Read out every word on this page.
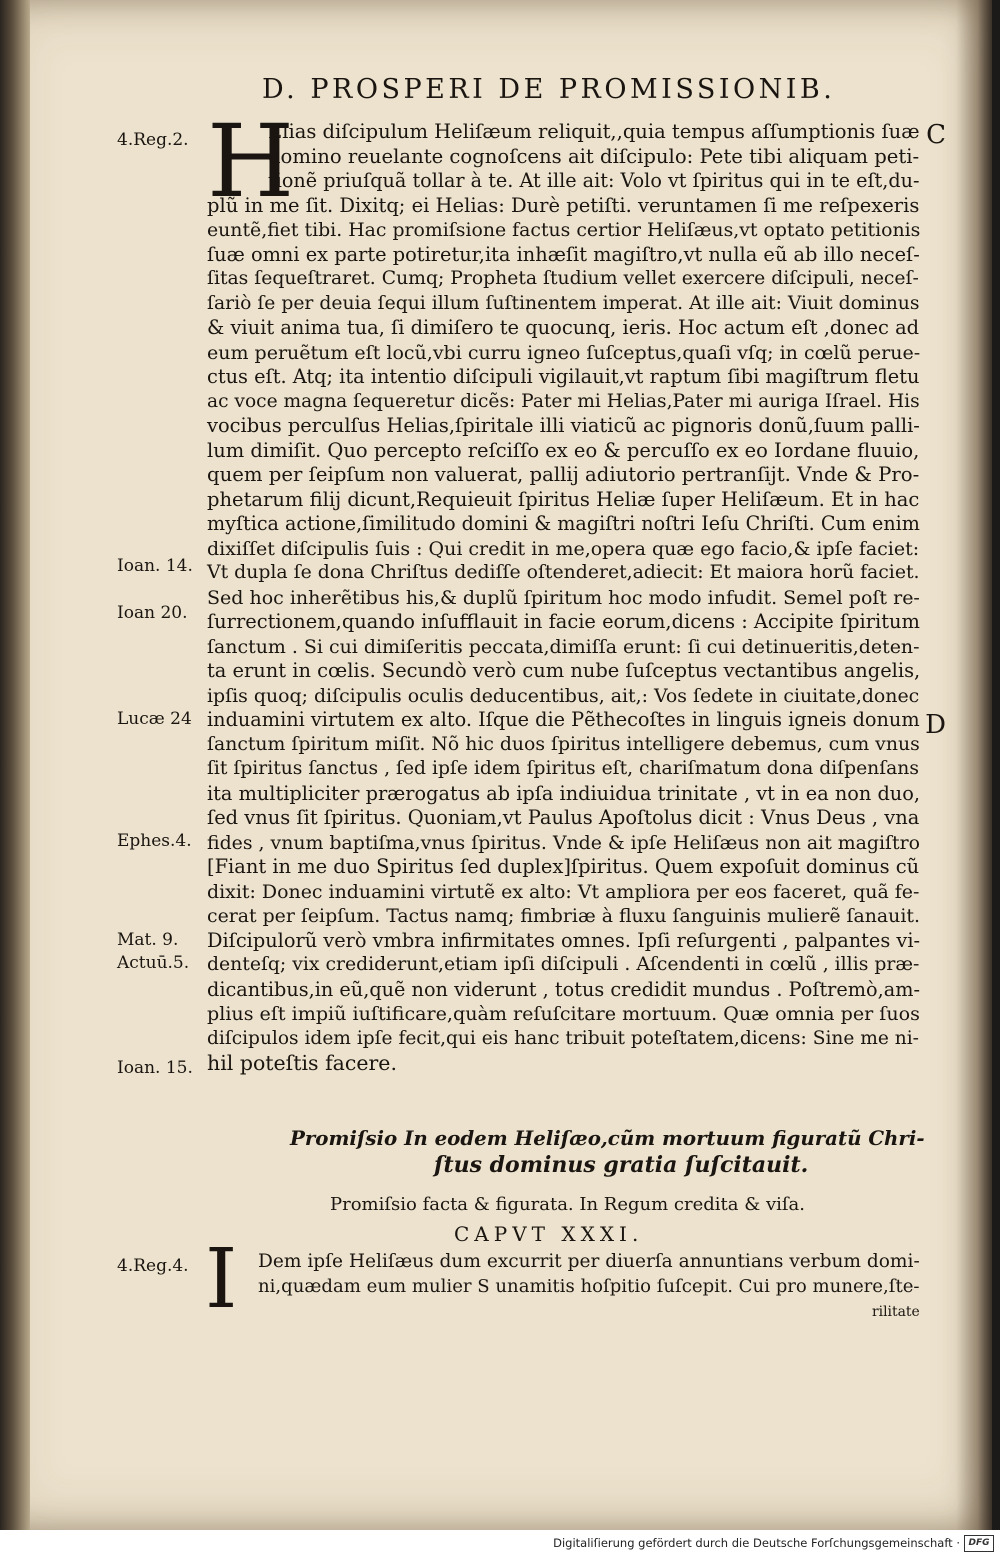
D. PROSPERI DE PROMISSIONIB.
C
D
4.Reg.2.
Ioan. 14.
Ioan 20.
Lucæ 24
Ephes.4.
Mat. 9.
Actuū.5.
Ioan. 15.
4.Reg.4.
H
Elias diſcipulum Heliſæum reliquit,,quia tempus aſſumptionis ſuæ
domino reuelante cognoſcens ait diſcipulo: Pete tibi aliquam peti-
tionẽ priuſquã tollar à te. At ille ait: Volo vt ſpiritus qui in te eſt,du-
plũ in me ſit. Dixitq; ei Helias: Durè petiſti. veruntamen ſi me reſpexeris
euntẽ,fiet tibi. Hac promiſsione factus certior Heliſæus,vt optato petitionis
ſuæ omni ex parte potiretur,ita inhæſit magiſtro,vt nulla eũ ab illo neceſ-
ſitas ſequeſtraret. Cumq; Propheta ſtudium vellet exercere diſcipuli, neceſ-
ſariò ſe per deuia ſequi illum ſuſtinentem imperat. At ille ait: Viuit dominus
& viuit anima tua, ſi dimiſero te quocunq, ieris. Hoc actum eſt ,donec ad
eum peruẽtum eſt locũ,vbi curru igneo ſuſceptus,quaſi vſq; in cœlũ perue-
ctus eſt. Atq; ita intentio diſcipuli vigilauit,vt raptum ſibi magiſtrum fletu
ac voce magna ſequeretur dicẽs: Pater mi Helias,Pater mi auriga Iſrael. His
vocibus perculſus Helias,ſpiritale illi viaticũ ac pignoris donũ,ſuum palli-
lum dimiſit. Quo percepto reſciſſo ex eo & percuſſo ex eo Iordane fluuio,
quem per ſeipſum non valuerat, pallij adiutorio pertranſijt. Vnde & Pro-
phetarum filij dicunt,Requieuit ſpiritus Heliæ ſuper Heliſæum. Et in hac
myſtica actione,ſimilitudo domini & magiſtri noſtri Ieſu Chriſti. Cum enim
dixiſſet diſcipulis ſuis : Qui credit in me,opera quæ ego facio,& ipſe faciet:
Vt dupla ſe dona Chriſtus dediſſe oſtenderet,adiecit: Et maiora horũ faciet.
Sed hoc inherẽtibus his,& duplũ ſpiritum hoc modo infudit. Semel poſt re-
ſurrectionem,quando inſufflauit in facie eorum,dicens : Accipite ſpiritum
ſanctum . Si cui dimiſeritis peccata,dimiſſa erunt: ſi cui detinueritis,deten-
ta erunt in cœlis. Secundò verò cum nube ſuſceptus vectantibus angelis,
ipſis quoq; diſcipulis oculis deducentibus, ait,: Vos ſedete in ciuitate,donec
induamini virtutem ex alto. Iſque die Pẽthecoſtes in linguis igneis donum
ſanctum ſpiritum miſit. Nõ hic duos ſpiritus intelligere debemus, cum vnus
ſit ſpiritus ſanctus , ſed ipſe idem ſpiritus eſt, chariſmatum dona diſpenſans
ita multipliciter prærogatus ab ipſa indiuidua trinitate , vt in ea non duo,
ſed vnus ſit ſpiritus. Quoniam,vt Paulus Apoſtolus dicit : Vnus Deus , vna
fides , vnum baptiſma,vnus ſpiritus. Vnde & ipſe Heliſæus non ait magiſtro
[Fiant in me duo Spiritus ſed duplex]ſpiritus. Quem expoſuit dominus cũ
dixit: Donec induamini virtutẽ ex alto: Vt ampliora per eos faceret, quã fe-
cerat per ſeipſum. Tactus namq; fimbriæ à fluxu ſanguinis mulierẽ ſanauit.
Diſcipulorũ verò vmbra infirmitates omnes. Ipſi reſurgenti , palpantes vi-
denteſq; vix crediderunt,etiam ipſi diſcipuli . Aſcendenti in cœlũ , illis præ-
dicantibus,in eũ,quẽ non viderunt , totus credidit mundus . Poſtremò,am-
plius eſt impiũ iuſtificare,quàm reſuſcitare mortuum. Quæ omnia per ſuos
diſcipulos idem ipſe fecit,qui eis hanc tribuit poteſtatem,dicens: Sine me ni-
hil poteſtis facere.
Promiſsio In eodem Heliſæo,cũm mortuum figuratũ Chri-
ſtus dominus gratia ſuſcitauit.
Promiſsio facta & figurata. In Regum credita & viſa.
CAPVT XXXI.
I Dem ipſe Heliſæus dum excurrit per diuerſa annuntians verbum domi-
ni,quædam eum mulier S unamitis hoſpitio ſuſcepit. Cui pro munere,ſte-
rilitate
Digitaliſierung gefördert durch die Deutsche Forſchungsgemeinschaft · DFG
